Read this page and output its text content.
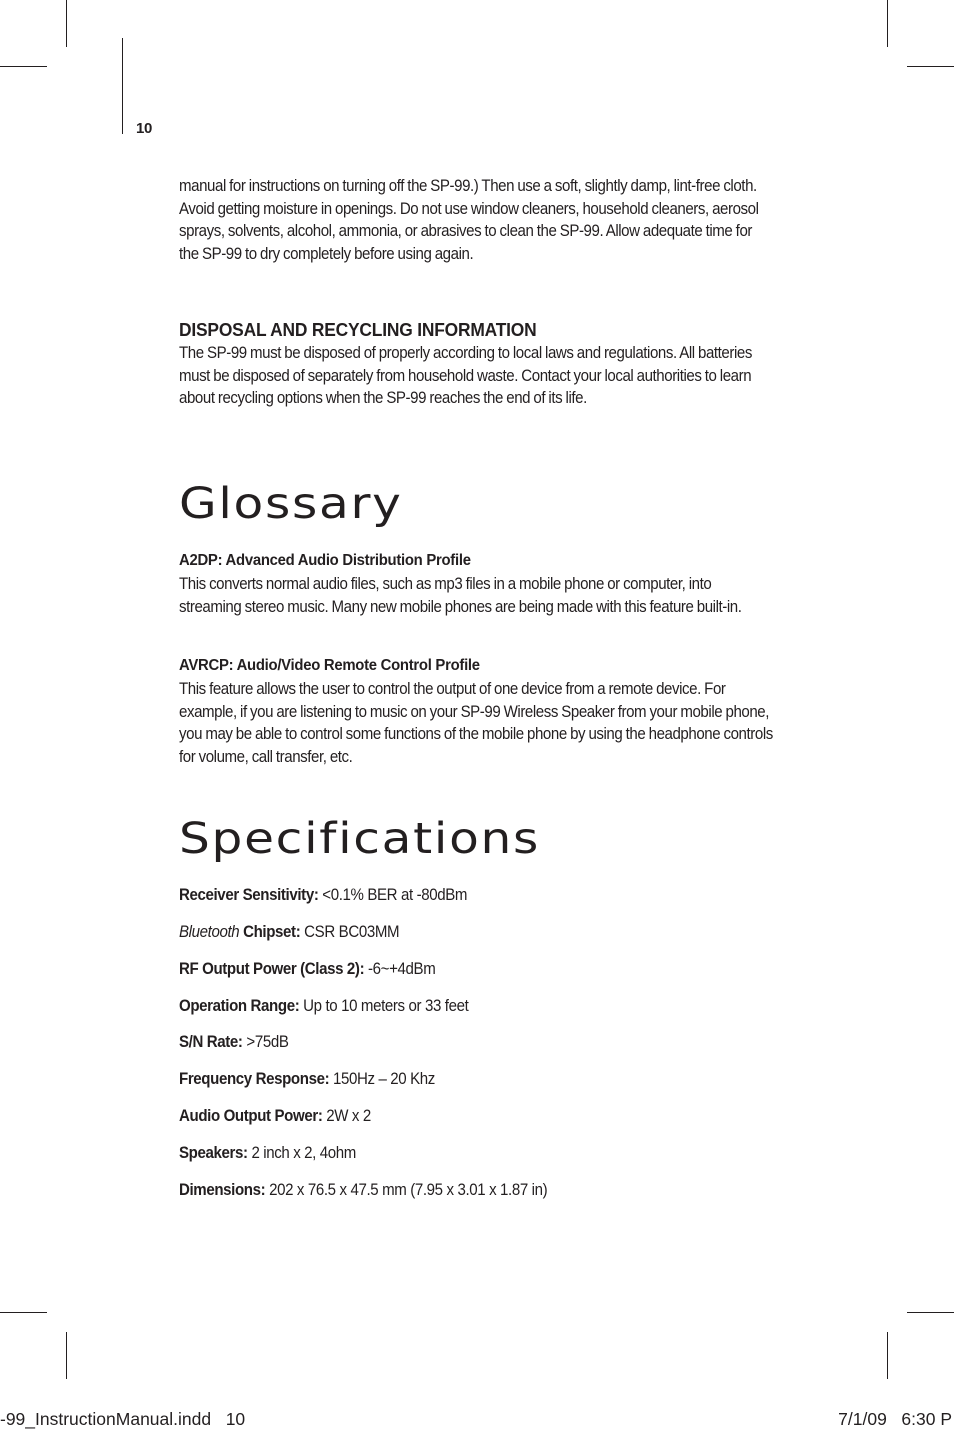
10

manual for instructions on turning off the SP-99.) Then use a soft, slightly damp, lint-free cloth. Avoid getting moisture in openings. Do not use window cleaners, household cleaners, aerosol sprays, solvents, alcohol, ammonia, or abrasives to clean the SP-99. Allow adequate time for the SP-99 to dry completely before using again.

DISPOSAL AND RECYCLING INFORMATION

The SP-99 must be disposed of properly according to local laws and regulations. All batteries must be disposed of separately from household waste. Contact your local authorities to learn about recycling options when the SP-99 reaches the end of its life.

Glossary

A2DP: Advanced Audio Distribution Profile

This converts normal audio files, such as mp3 files in a mobile phone or computer, into streaming stereo music. Many new mobile phones are being made with this feature built-in.

AVRCP: Audio/Video Remote Control Profile

This feature allows the user to control the output of one device from a remote device. For example, if you are listening to music on your SP-99 Wireless Speaker from your mobile phone, you may be able to control some functions of the mobile phone by using the headphone controls for volume, call transfer, etc.

Specifications
Receiver Sensitivity: <0.1% BER at -80dBm
Bluetooth Chipset: CSR BC03MM
RF Output Power (Class 2): -6~+4dBm
Operation Range: Up to 10 meters or 33 feet
S/N Rate: >75dB
Frequency Response: 150Hz – 20 Khz
Audio Output Power: 2W x 2
Speakers: 2 inch x 2, 4ohm
Dimensions: 202 x 76.5 x 47.5 mm (7.95 x 3.01 x 1.87 in)
-99_InstructionManual.indd   10	7/1/09   6:30 P
